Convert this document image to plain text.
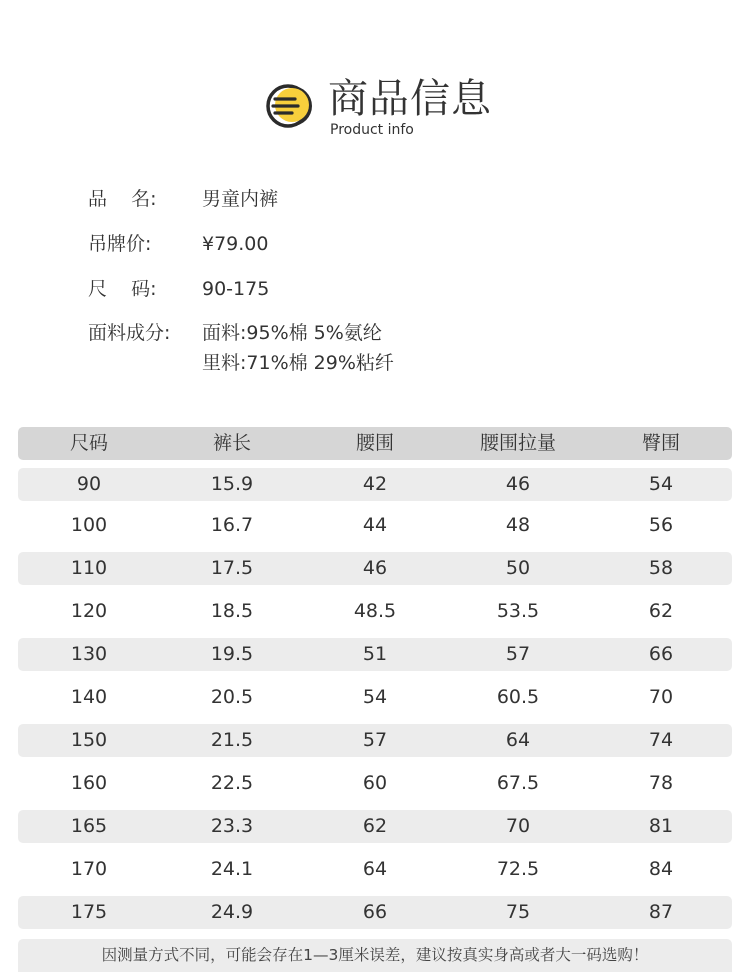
商品信息
Product info
品    名: 男童内裤
吊牌价:	¥79.00
尺    码: 90-175
面料成分: 面料:95%棉 5%氨纶
里料:71%棉 29%粘纤
尺码	裤长	腰围	腰围拉量	臀围
90	15.9	42	46	54
100	16.7	44	48	56
110	17.5	46	50	58
120	18.5	48.5	53.5	62
130	19.5	51	57	66
140	20.5	54	60.5	70
150	21.5	57	64	74
160	22.5	60	67.5	78
165	23.3	62	70	81
170	24.1	64	72.5	84
175	24.9	66	75	87
因测量方式不同，可能会存在1—3厘米误差，建议按真实身高或者大一码选购！
